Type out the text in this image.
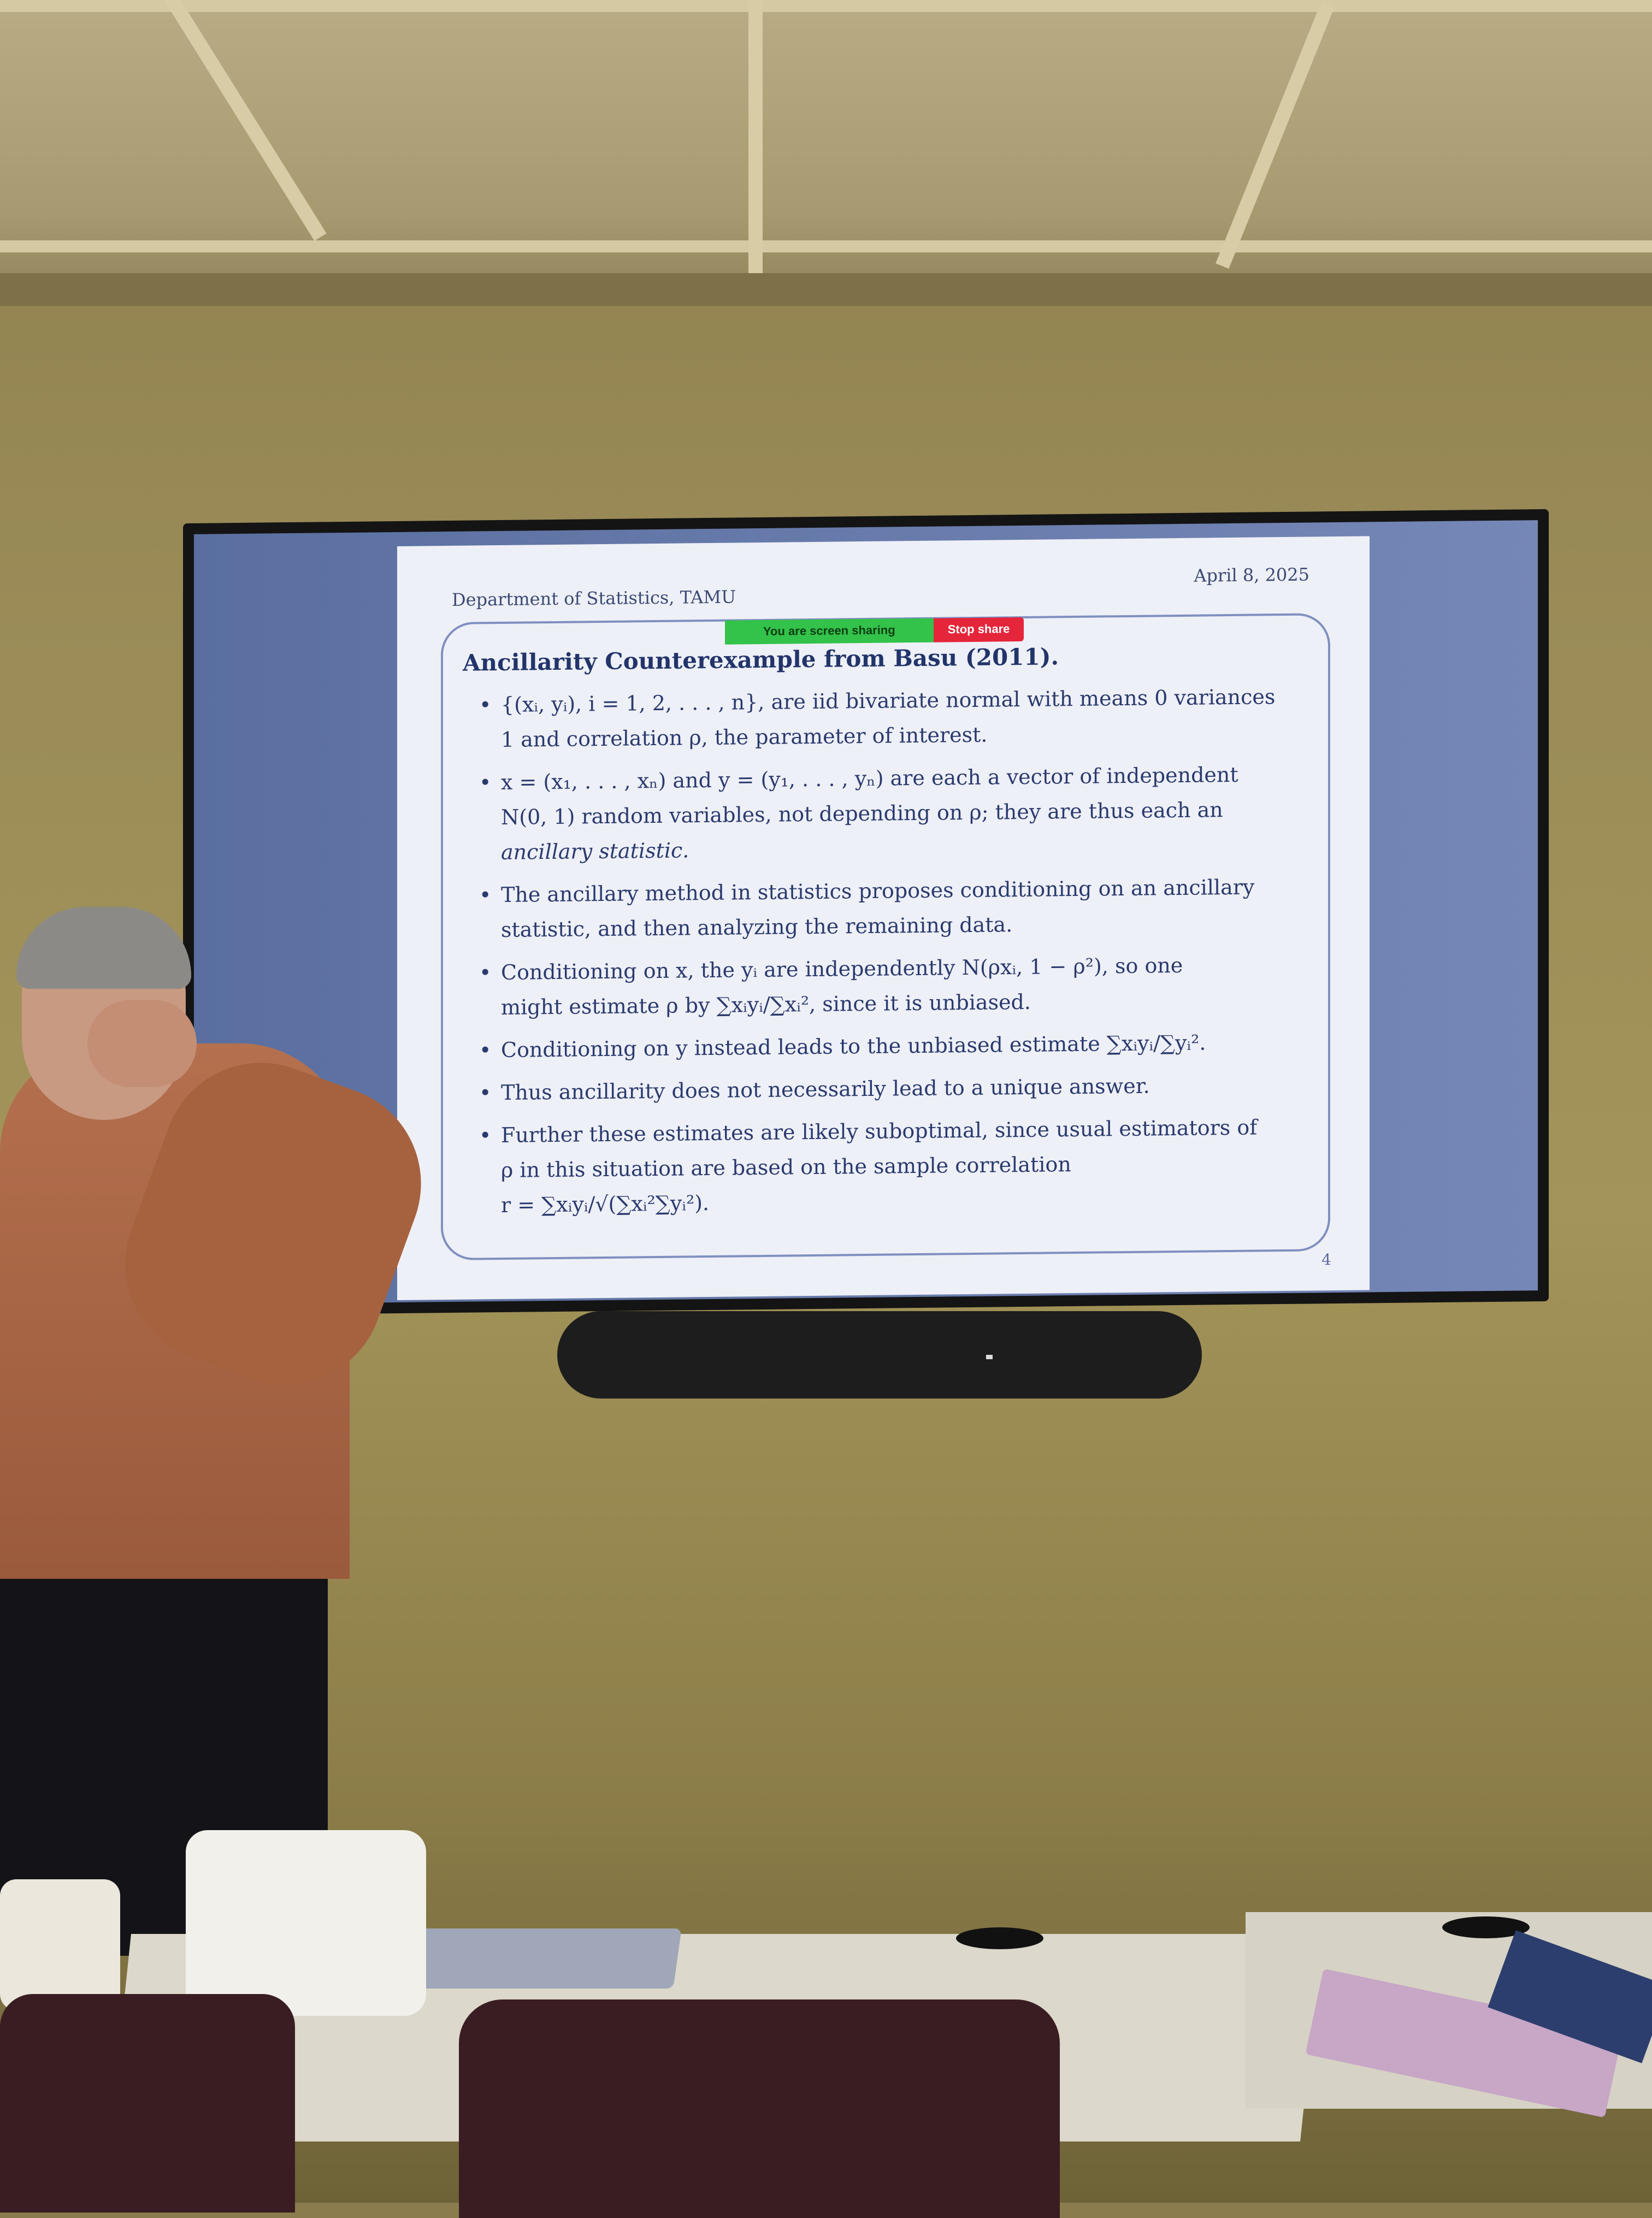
Department of Statistics, TAMU
April 8, 2025
Ancillarity Counterexample from Basu (2011).
• {(xᵢ, yᵢ), i = 1, 2, . . . , n}, are iid bivariate normal with means 0 variances
1 and correlation ρ, the parameter of interest.
• x = (x₁, . . . , xₙ) and y = (y₁, . . . , yₙ) are each a vector of independent
N(0, 1) random variables, not depending on ρ; they are thus each an
ancillary statistic.
• The ancillary method in statistics proposes conditioning on an ancillary
statistic, and then analyzing the remaining data.
• Conditioning on x, the yᵢ are independently N(ρxᵢ, 1 − ρ²), so one
might estimate ρ by ∑xᵢyᵢ/∑xᵢ², since it is unbiased.
• Conditioning on y instead leads to the unbiased estimate ∑xᵢyᵢ/∑yᵢ².
• Thus ancillarity does not necessarily lead to a unique answer.
• Further these estimates are likely suboptimal, since usual estimators of
ρ in this situation are based on the sample correlation
r = ∑xᵢyᵢ/√(∑xᵢ²∑yᵢ²).
4
You are screen sharing	Stop share
